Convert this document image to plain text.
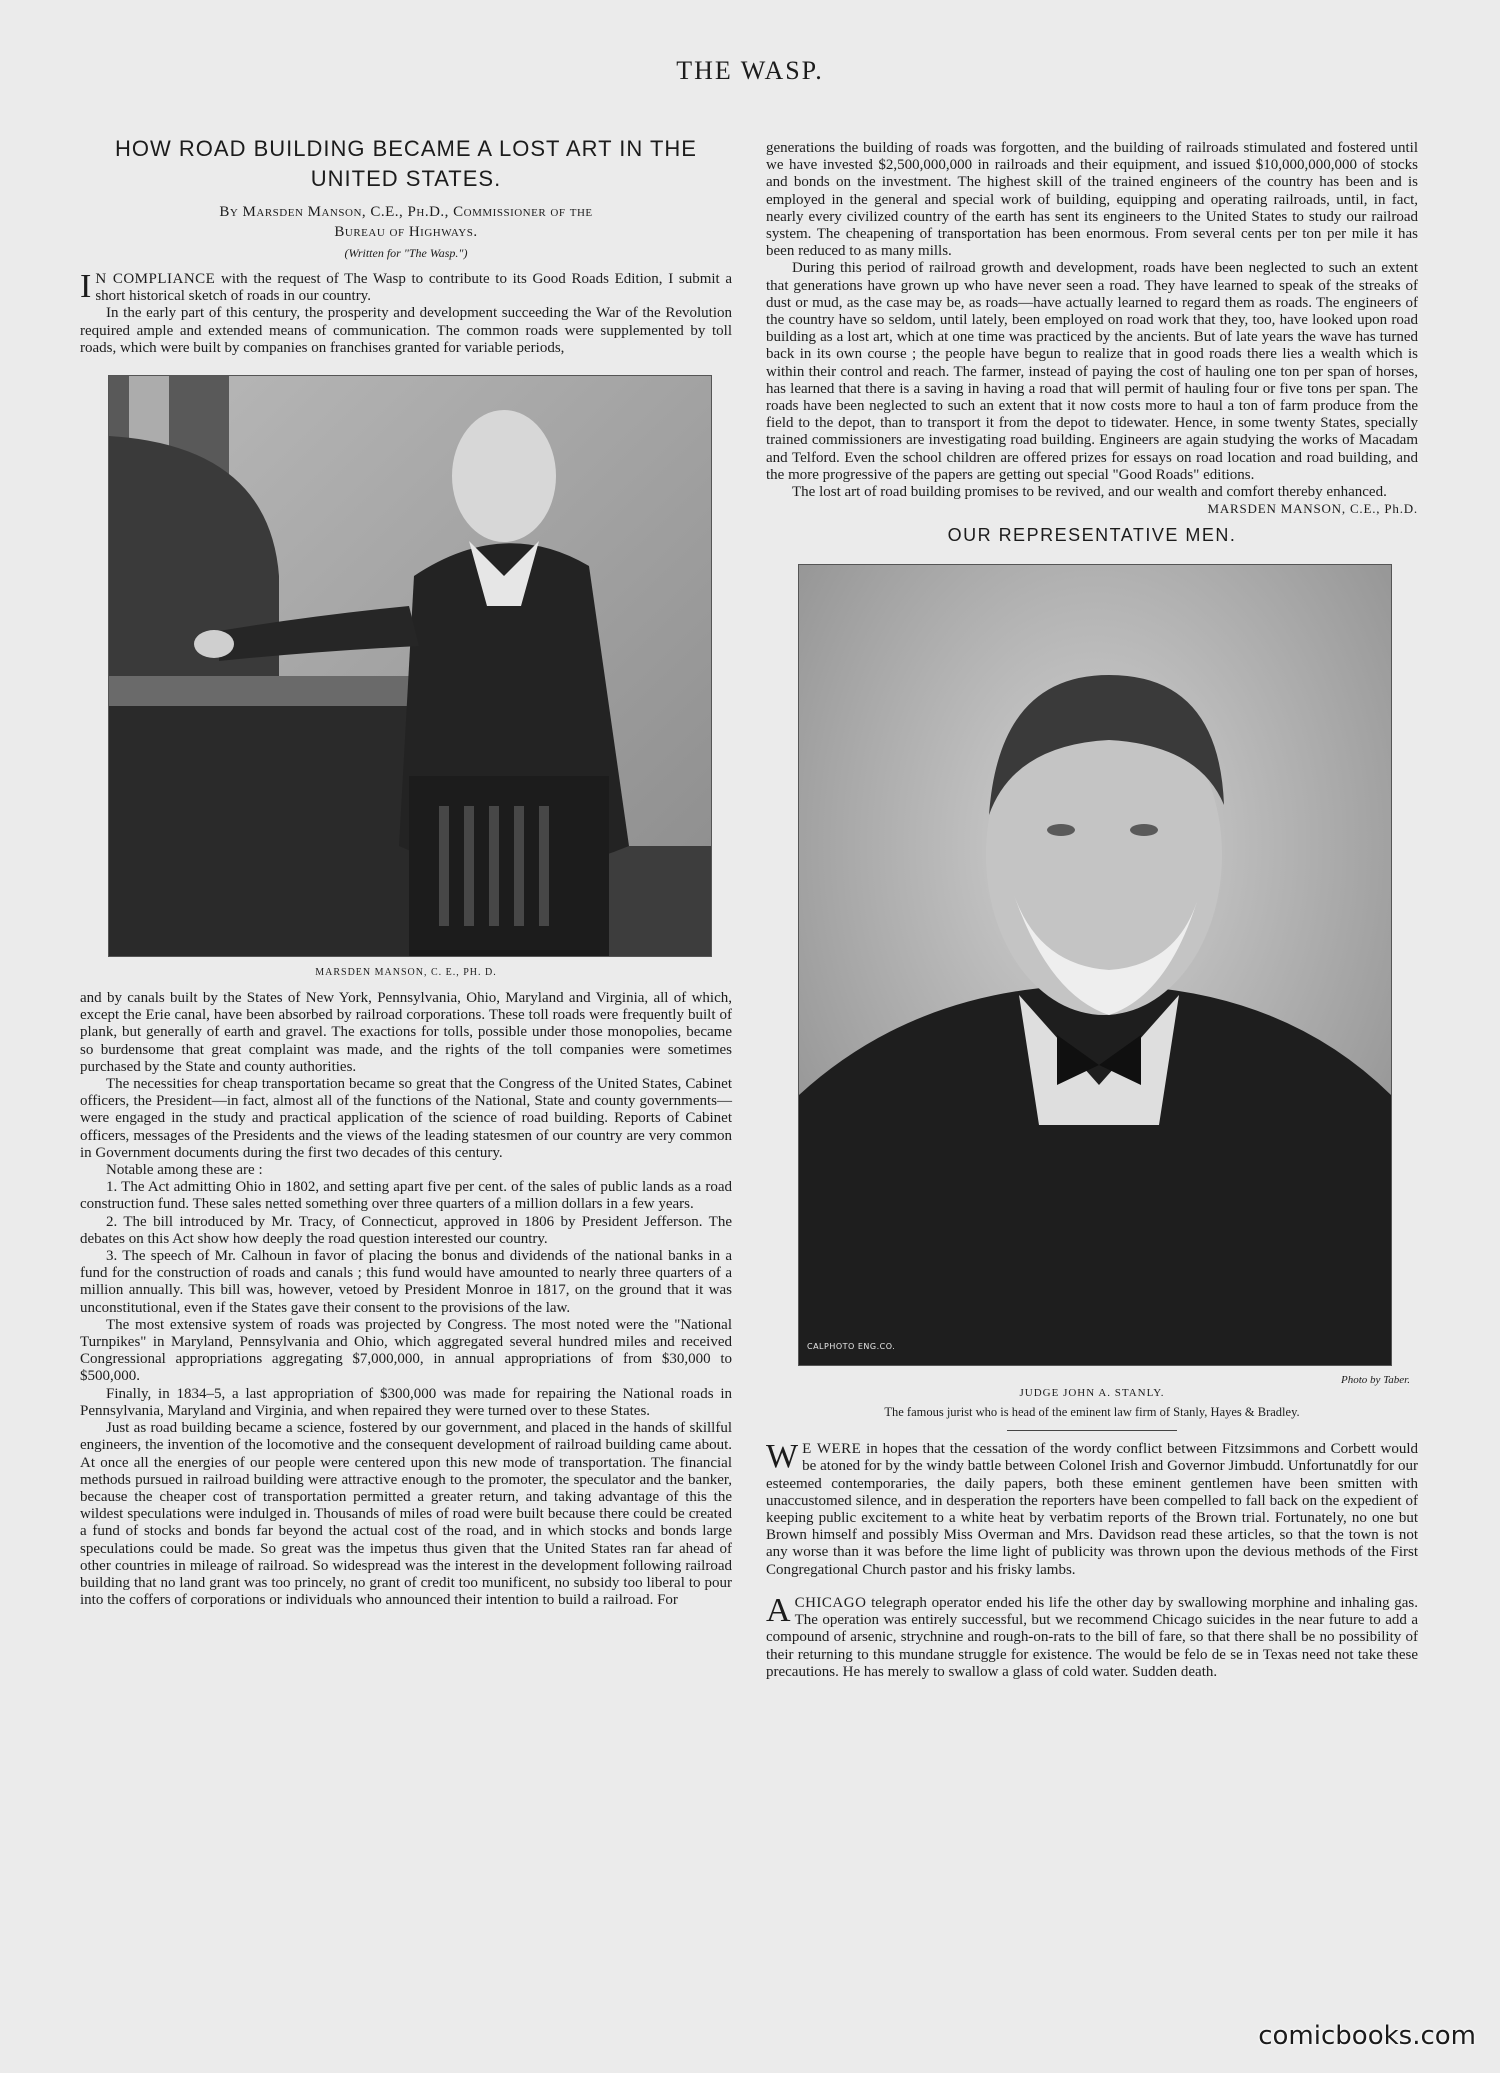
THE WASP.
HOW ROAD BUILDING BECAME A LOST ART IN THE UNITED STATES.
By Marsden Manson, C.E., Ph.D., Commissioner of the
Bureau of Highways.
(Written for "The Wasp.")

I N COMPLIANCE with the request of The Wasp to contribute to its Good Roads Edition, I submit a short historical sketch of roads in our country.

In the early part of this century, the prosperity and development succeeding the War of the Revolution required ample and extended means of communication. The common roads were supplemented by toll roads, which were built by companies on franchises granted for variable periods,

MARSDEN MANSON, C. E., PH. D.

and by canals built by the States of New York, Pennsylvania, Ohio, Maryland and Virginia, all of which, except the Erie canal, have been absorbed by railroad corporations. These toll roads were frequently built of plank, but generally of earth and gravel. The exactions for tolls, possible under those monopolies, became so burdensome that great complaint was made, and the rights of the toll companies were sometimes purchased by the State and county authorities.

The necessities for cheap transportation became so great that the Congress of the United States, Cabinet officers, the President—in fact, almost all of the functions of the National, State and county governments—were engaged in the study and practical application of the science of road building. Reports of Cabinet officers, messages of the Presidents and the views of the leading statesmen of our country are very common in Government documents during the first two decades of this century.

Notable among these are :

1. The Act admitting Ohio in 1802, and setting apart five per cent. of the sales of public lands as a road construction fund. These sales netted something over three quarters of a million dollars in a few years.

2. The bill introduced by Mr. Tracy, of Connecticut, approved in 1806 by President Jefferson. The debates on this Act show how deeply the road question interested our country.

3. The speech of Mr. Calhoun in favor of placing the bonus and dividends of the national banks in a fund for the construction of roads and canals ; this fund would have amounted to nearly three quarters of a million annually. This bill was, however, vetoed by President Monroe in 1817, on the ground that it was unconstitutional, even if the States gave their consent to the provisions of the law.

The most extensive system of roads was projected by Congress. The most noted were the "National Turnpikes" in Maryland, Pennsylvania and Ohio, which aggregated several hundred miles and received Congressional appropriations aggregating $7,000,000, in annual appropriations of from $30,000 to $500,000.

Finally, in 1834–5, a last appropriation of $300,000 was made for repairing the National roads in Pennsylvania, Maryland and Virginia, and when repaired they were turned over to these States.

Just as road building became a science, fostered by our government, and placed in the hands of skillful engineers, the invention of the locomotive and the consequent development of railroad building came about. At once all the energies of our people were centered upon this new mode of transportation. The financial methods pursued in railroad building were attractive enough to the promoter, the speculator and the banker, because the cheaper cost of transportation permitted a greater return, and taking advantage of this the wildest speculations were indulged in. Thousands of miles of road were built because there could be created a fund of stocks and bonds far beyond the actual cost of the road, and in which stocks and bonds large speculations could be made. So great was the impetus thus given that the United States ran far ahead of other countries in mileage of railroad. So widespread was the interest in the development following railroad building that no land grant was too princely, no grant of credit too munificent, no subsidy too liberal to pour into the coffers of corporations or individuals who announced their intention to build a railroad. For

generations the building of roads was forgotten, and the building of railroads stimulated and fostered until we have invested $2,500,000,000 in railroads and their equipment, and issued $10,000,000,000 of stocks and bonds on the investment. The highest skill of the trained engineers of the country has been and is employed in the general and special work of building, equipping and operating railroads, until, in fact, nearly every civilized country of the earth has sent its engineers to the United States to study our railroad system. The cheapening of transportation has been enormous. From several cents per ton per mile it has been reduced to as many mills.

During this period of railroad growth and development, roads have been neglected to such an extent that generations have grown up who have never seen a road. They have learned to speak of the streaks of dust or mud, as the case may be, as roads—have actually learned to regard them as roads. The engineers of the country have so seldom, until lately, been employed on road work that they, too, have looked upon road building as a lost art, which at one time was practiced by the ancients. But of late years the wave has turned back in its own course ; the people have begun to realize that in good roads there lies a wealth which is within their control and reach. The farmer, instead of paying the cost of hauling one ton per span of horses, has learned that there is a saving in having a road that will permit of hauling four or five tons per span. The roads have been neglected to such an extent that it now costs more to haul a ton of farm produce from the field to the depot, than to transport it from the depot to tidewater. Hence, in some twenty States, specially trained commissioners are investigating road building. Engineers are again studying the works of Macadam and Telford. Even the school children are offered prizes for essays on road location and road building, and the more progressive of the papers are getting out special "Good Roads" editions.

The lost art of road building promises to be revived, and our wealth and comfort thereby enhanced.

MARSDEN MANSON, C.E., Ph.D.
OUR REPRESENTATIVE MEN.
CALPHOTO ENG.CO.
Photo by Taber.
JUDGE JOHN A. STANLY.
The famous jurist who is head of the eminent law firm of Stanly, Hayes & Bradley.

W E WERE in hopes that the cessation of the wordy conflict between Fitzsimmons and Corbett would be atoned for by the windy battle between Colonel Irish and Governor Jimbudd. Unfortunatdly for our esteemed contemporaries, the daily papers, both these eminent gentlemen have been smitten with unaccustomed silence, and in desperation the reporters have been compelled to fall back on the expedient of keeping public excitement to a white heat by verbatim reports of the Brown trial. Fortunately, no one but Brown himself and possibly Miss Overman and Mrs. Davidson read these articles, so that the town is not any worse than it was before the lime light of publicity was thrown upon the devious methods of the First Congregational Church pastor and his frisky lambs.

ACHICAGO telegraph operator ended his life the other day by swallowing morphine and inhaling gas. The operation was entirely successful, but we recommend Chicago suicides in the near future to add a compound of arsenic, strychnine and rough-on-rats to the bill of fare, so that there shall be no possibility of their returning to this mundane struggle for existence. The would be felo de se in Texas need not take these precautions. He has merely to swallow a glass of cold water. Sudden death.

comicbooks.com
